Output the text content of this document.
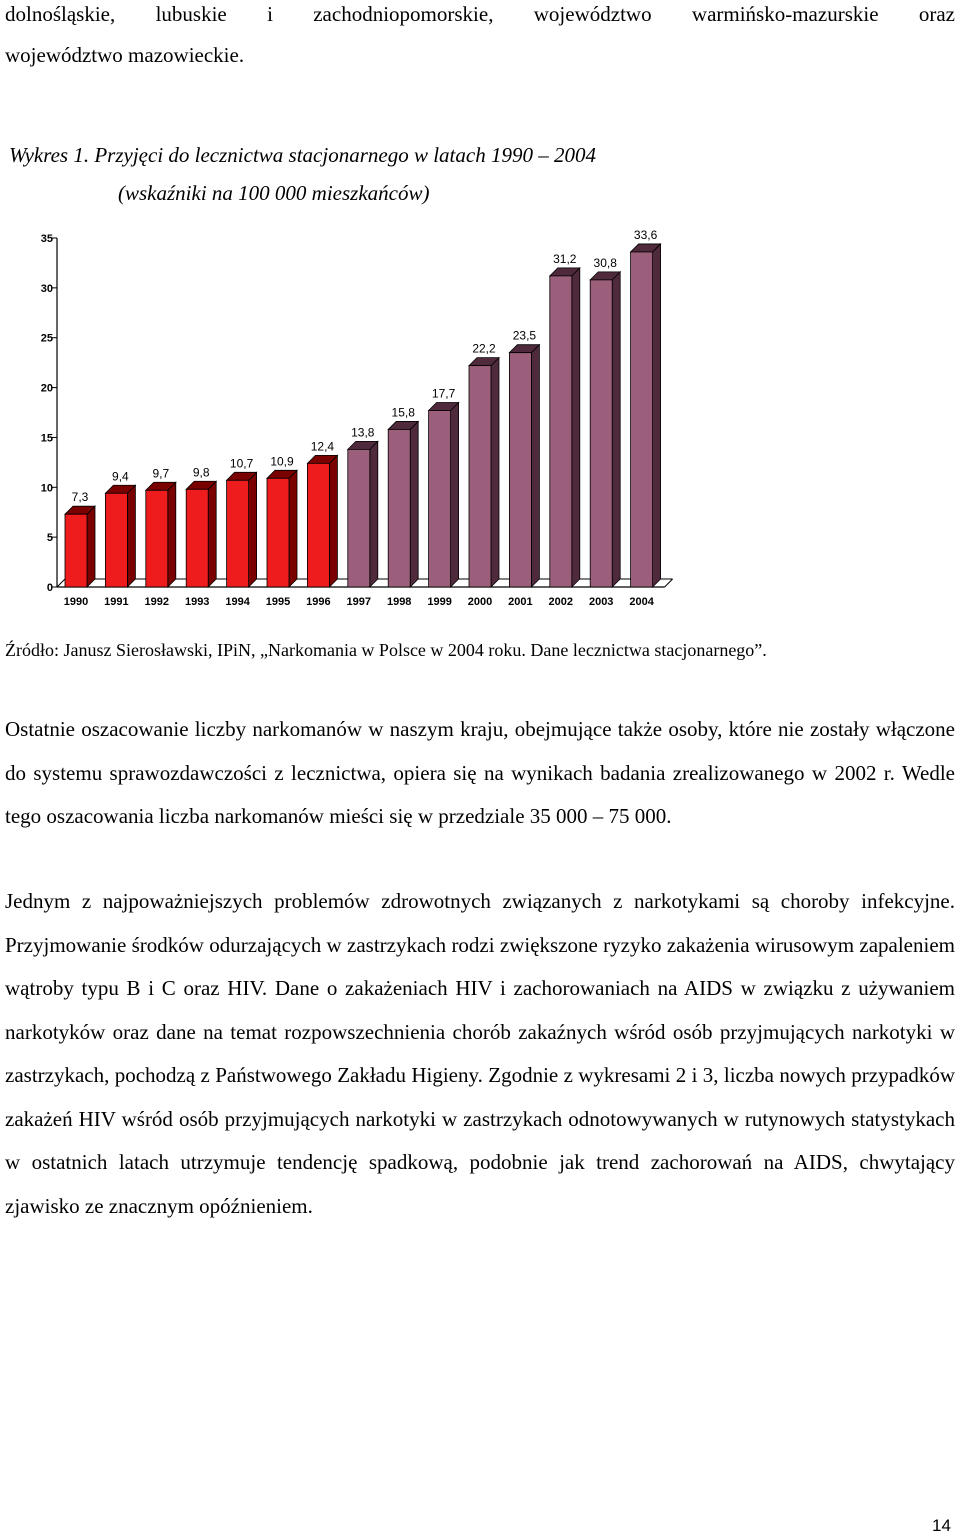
dolnośląskie, lubuskie i zachodniopomorskie, województwo warmińsko-mazurskie oraz
województwo mazowieckie.
Wykres 1. Przyjęci do lecznictwa stacjonarnego w latach 1990 – 2004
(wskaźniki na 100 000 mieszkańców)
0
5
10
15
20
25
30
35
7,3
9,4 9,7 9,8
10,7 10,9
12,4
13,8
15,8
17,7
22,2
23,5
31,2 30,8
33,6
1990 1991 1992 1993 1994 1995 1996 1997 1998 1999 2000 2001 2002 2003 2004
Źródło: Janusz Sierosławski, IPiN, „Narkomania w Polsce w 2004 roku. Dane lecznictwa stacjonarnego”.
Ostatnie oszacowanie liczby narkomanów w naszym kraju, obejmujące także osoby, które nie zostały włączone do systemu sprawozdawczości z lecznictwa, opiera się na wynikach badania zrealizowanego w 2002 r. Wedle tego oszacowania liczba narkomanów mieści się w przedziale 35 000 – 75 000.
Jednym z najpoważniejszych problemów zdrowotnych związanych z narkotykami są choroby infekcyjne. Przyjmowanie środków odurzających w zastrzykach rodzi zwiększone ryzyko zakażenia wirusowym zapaleniem wątroby typu B i C oraz HIV. Dane o zakażeniach HIV i zachorowaniach na AIDS w związku z używaniem narkotyków oraz dane na temat rozpowszechnienia chorób zakaźnych wśród osób przyjmujących narkotyki w zastrzykach, pochodzą z Państwowego Zakładu Higieny. Zgodnie z wykresami 2 i 3, liczba nowych przypadków zakażeń HIV wśród osób przyjmujących narkotyki w zastrzykach odnotowywanych w rutynowych statystykach w ostatnich latach utrzymuje tendencję spadkową, podobnie jak trend zachorowań na AIDS, chwytający zjawisko ze znacznym opóźnieniem.
14
